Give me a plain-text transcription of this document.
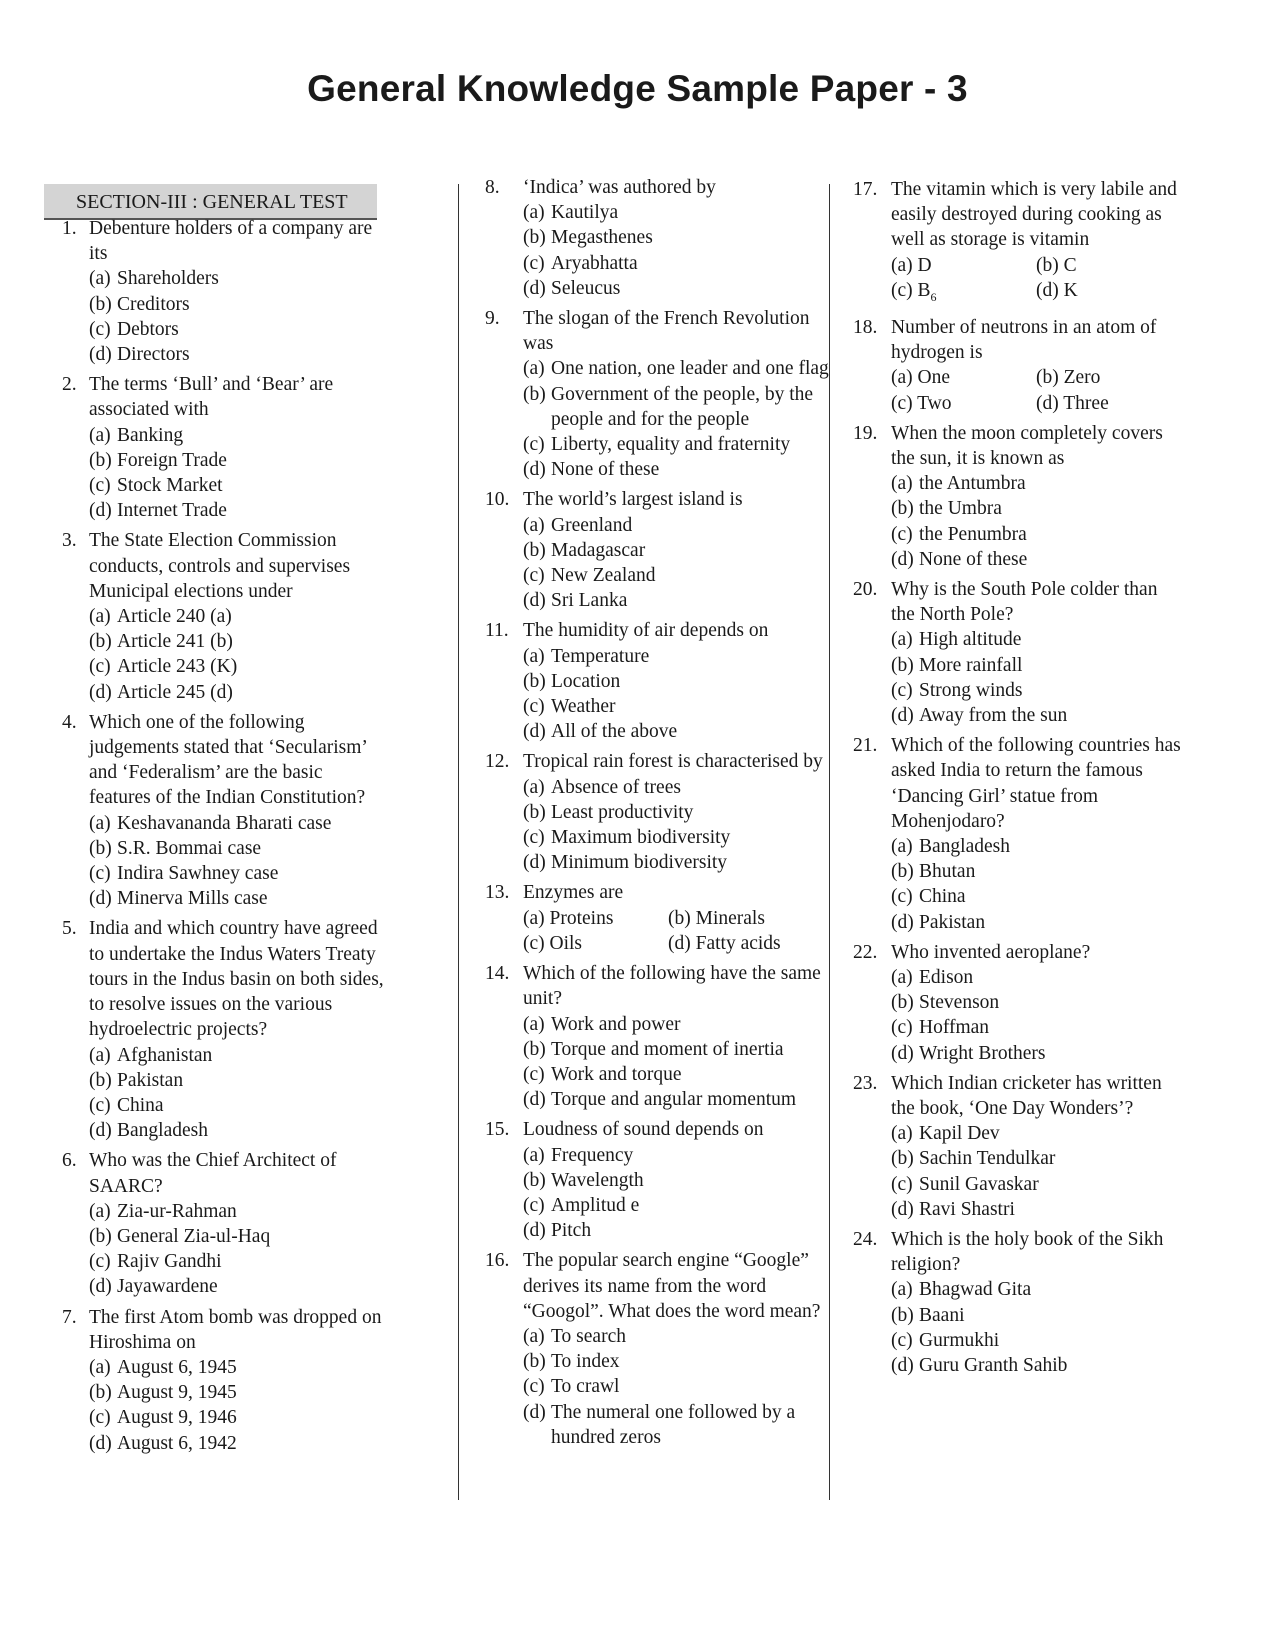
General Knowledge Sample Paper - 3
SECTION-III : GENERAL TEST
1. Debenture holders of a company are its
(a) Shareholders
(b) Creditors
(c) Debtors
(d) Directors
2. The terms ‘Bull’ and ‘Bear’ are associated with
(a) Banking
(b) Foreign Trade
(c) Stock Market
(d) Internet Trade
3. The State Election Commission conducts, controls and supervises Municipal elections under
(a) Article 240 (a)
(b) Article 241 (b)
(c) Article 243 (K)
(d) Article 245 (d)
4. Which one of the following judgements stated that ‘Secularism’ and ‘Federalism’ are the basic features of the Indian Constitution?
(a) Keshavananda Bharati case
(b) S.R. Bommai case
(c) Indira Sawhney case
(d) Minerva Mills case
5. India and which country have agreed to undertake the Indus Waters Treaty tours in the Indus basin on both sides, to resolve issues on the various hydroelectric projects?
(a) Afghanistan
(b) Pakistan
(c) China
(d) Bangladesh
6. Who was the Chief Architect of SAARC?
(a) Zia-ur-Rahman
(b) General Zia-ul-Haq
(c) Rajiv Gandhi
(d) Jayawardene
7. The first Atom bomb was dropped on Hiroshima on
(a) August 6, 1945
(b) August 9, 1945
(c) August 9, 1946
(d) August 6, 1942
8. ‘Indica’ was authored by
(a) Kautilya
(b) Megasthenes
(c) Aryabhatta
(d) Seleucus
9. The slogan of the French Revolution was
(a) One nation, one leader and one flag
(b) Government of the people, by the people and for the people
(c) Liberty, equality and fraternity
(d) None of these
10. The world’s largest island is
(a) Greenland
(b) Madagascar
(c) New Zealand
(d) Sri Lanka
11. The humidity of air depends on
(a) Temperature
(b) Location
(c) Weather
(d) All of the above
12. Tropical rain forest is characterised by
(a) Absence of trees
(b) Least productivity
(c) Maximum biodiversity
(d) Minimum biodiversity
13. Enzymes are
(a) Proteins	(b) Minerals
(c) Oils	(d) Fatty acids
14. Which of the following have the same unit?
(a) Work and power
(b) Torque and moment of inertia
(c) Work and torque
(d) Torque and angular momentum
15. Loudness of sound depends on
(a) Frequency
(b) Wavelength
(c) Amplitud e
(d) Pitch
16. The popular search engine “Google” derives its name from the word “Googol”. What does the word mean?
(a) To search
(b) To index
(c) To crawl
(d) The numeral one followed by a hundred zeros
17. The vitamin which is very labile and easily destroyed during cooking as well as storage is vitamin
(a) D	(b) C
(c) $B_6$	(d) K
18. Number of neutrons in an atom of hydrogen is
(a) One	(b) Zero
(c) Two	(d) Three
19. When the moon completely covers the sun, it is known as
(a) the Antumbra
(b) the Umbra
(c) the Penumbra
(d) None of these
20. Why is the South Pole colder than the North Pole?
(a) High altitude
(b) More rainfall
(c) Strong winds
(d) Away from the sun
21. Which of the following countries has asked India to return the famous ‘Dancing Girl’ statue from Mohenjodaro?
(a) Bangladesh
(b) Bhutan
(c) China
(d) Pakistan
22. Who invented aeroplane?
(a) Edison
(b) Stevenson
(c) Hoffman
(d) Wright Brothers
23. Which Indian cricketer has written the book, ‘One Day Wonders’?
(a) Kapil Dev
(b) Sachin Tendulkar
(c) Sunil Gavaskar
(d) Ravi Shastri
24. Which is the holy book of the Sikh religion?
(a) Bhagwad Gita
(b) Baani
(c) Gurmukhi
(d) Guru Granth Sahib
